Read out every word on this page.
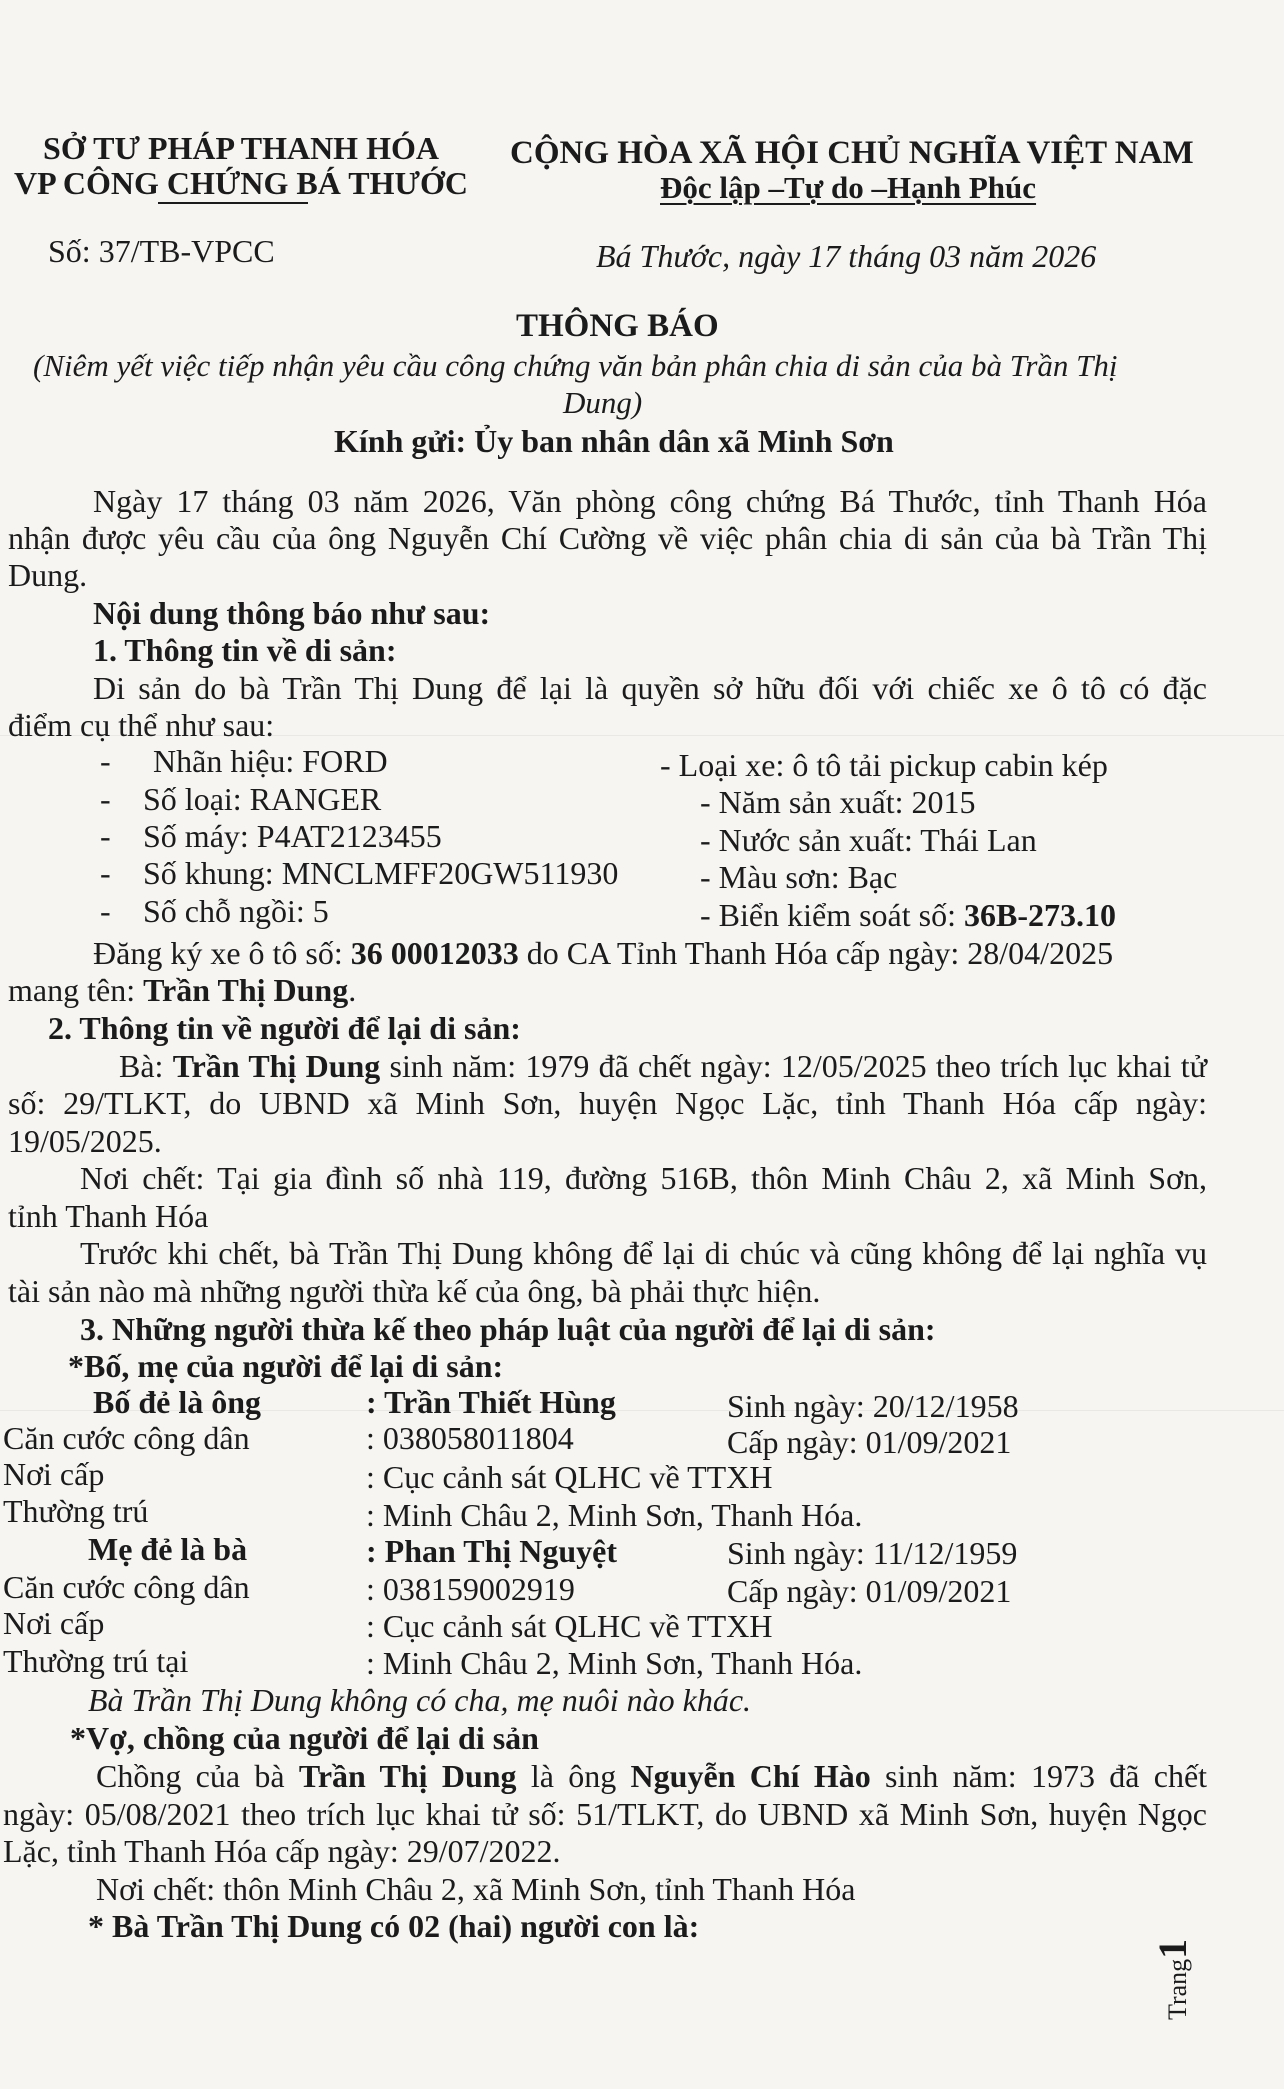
SỞ TƯ PHÁP THANH HÓA
VP CÔNG CHỨNG BÁ THƯỚC
CỘNG HÒA XÃ HỘI CHỦ NGHĨA VIỆT NAM
Độc lập –Tự do –Hạnh Phúc
Số: 37/TB-VPCC	Bá Thước, ngày 17 tháng 03 năm 2026
THÔNG BÁO
(Niêm yết việc tiếp nhận yêu cầu công chứng văn bản phân chia di sản của bà Trần Thị
Dung)
Kính gửi: Ủy ban nhân dân xã Minh Sơn
Ngày 17 tháng 03 năm 2026, Văn phòng công chứng Bá Thước, tỉnh Thanh Hóa
nhận được yêu cầu của ông Nguyễn Chí Cường về việc phân chia di sản của bà Trần Thị
Dung.
Nội dung thông báo như sau:
1. Thông tin về di sản:
Di sản do bà Trần Thị Dung để lại là quyền sở hữu đối với chiếc xe ô tô có đặc
điểm cụ thể như sau:
- Nhãn hiệu: FORD
- Số loại: RANGER
- Số máy: P4AT2123455
- Số khung: MNCLMFF20GW511930
- Số chỗ ngồi: 5
- Loại xe: ô tô tải pickup cabin kép
- Năm sản xuất: 2015
- Nước sản xuất: Thái Lan
- Màu sơn: Bạc
- Biển kiểm soát số: 36B-273.10
Đăng ký xe ô tô số: 36 00012033 do CA Tỉnh Thanh Hóa cấp ngày: 28/04/2025
mang tên: Trần Thị Dung.
2. Thông tin về người để lại di sản:
Bà: Trần Thị Dung sinh năm: 1979 đã chết ngày: 12/05/2025 theo trích lục khai tử
số: 29/TLKT, do UBND xã Minh Sơn, huyện Ngọc Lặc, tỉnh Thanh Hóa cấp ngày:
19/05/2025.
Nơi chết: Tại gia đình số nhà 119, đường 516B, thôn Minh Châu 2, xã Minh Sơn,
tỉnh Thanh Hóa
Trước khi chết, bà Trần Thị Dung không để lại di chúc và cũng không để lại nghĩa vụ
tài sản nào mà những người thừa kế của ông, bà phải thực hiện.
3. Những người thừa kế theo pháp luật của người để lại di sản:
*Bố, mẹ của người để lại di sản:
Bố đẻ là ông	: Trần Thiết Hùng	Sinh ngày: 20/12/1958
Căn cước công dân	: 038058011804	Cấp ngày: 01/09/2021
Nơi cấp	: Cục cảnh sát QLHC về TTXH
Thường trú	: Minh Châu 2, Minh Sơn, Thanh Hóa.
Mẹ đẻ là bà	: Phan Thị Nguyệt	Sinh ngày: 11/12/1959
Căn cước công dân	: 038159002919	Cấp ngày: 01/09/2021
Nơi cấp	: Cục cảnh sát QLHC về TTXH
Thường trú tại	: Minh Châu 2, Minh Sơn, Thanh Hóa.
Bà Trần Thị Dung không có cha, mẹ nuôi nào khác.
*Vợ, chồng của người để lại di sản
Chồng của bà Trần Thị Dung là ông Nguyễn Chí Hào sinh năm: 1973 đã chết
ngày: 05/08/2021 theo trích lục khai tử số: 51/TLKT, do UBND xã Minh Sơn, huyện Ngọc
Lặc, tỉnh Thanh Hóa cấp ngày: 29/07/2022.
Nơi chết: thôn Minh Châu 2, xã Minh Sơn, tỉnh Thanh Hóa
* Bà Trần Thị Dung có 02 (hai) người con là:
Trang1
